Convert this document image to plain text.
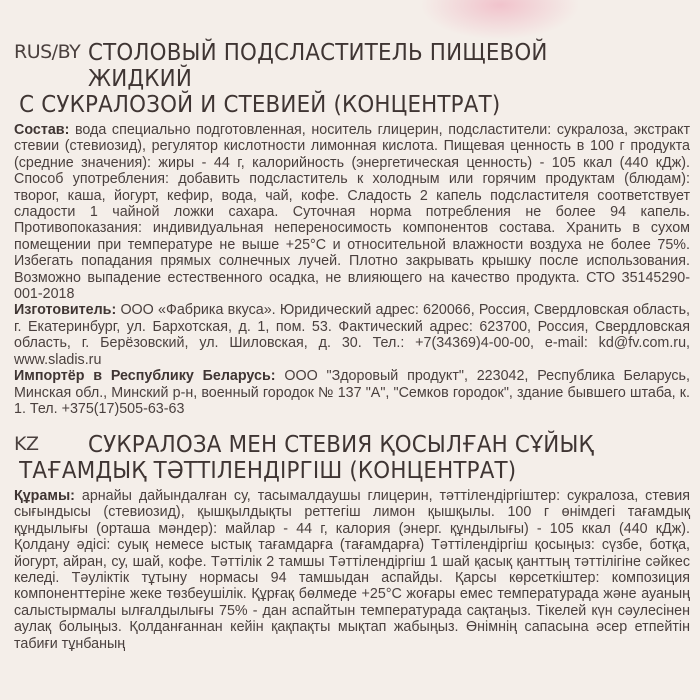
RUS/BY СТОЛОВЫЙ ПОДСЛАСТИТЕЛЬ ПИЩЕВОЙ ЖИДКИЙ
С СУКРАЛОЗОЙ И СТЕВИЕЙ (КОНЦЕНТРАТ)

Состав: вода специально подготовленная, носитель глицерин, подсластители: сукралоза, экстракт стевии (стевиозид), регулятор кислотности лимонная кислота. Пищевая ценность в 100 г продукта (средние значения): жиры - 44 г, калорийность (энергетическая ценность) - 105 ккал (440 кДж). Способ употребления: добавить подсластитель к холодным или горячим продуктам (блюдам): творог, каша, йогурт, кефир, вода, чай, кофе. Сладость 2 капель подсластителя соответствует сладости 1 чайной ложки сахара. Суточная норма потребления не более 94 капель. Противопоказания: индивидуальная непереносимость компонентов состава. Хранить в сухом помещении при температуре не выше +25°С и относительной влажности воздуха не более 75%. Избегать попадания прямых солнечных лучей. Плотно закрывать крышку после использования. Возможно выпадение естественного осадка, не влияющего на качество продукта. СТО 35145290-001-2018

Изготовитель: ООО «Фабрика вкуса». Юридический адрес: 620066, Россия, Свердловская область, г. Екатеринбург, ул. Бархотская, д. 1, пом. 53. Фактический адрес: 623700, Россия, Свердловская область, г. Берёзовский, ул. Шиловская, д. 30. Тел.: +7(34369)4-00-00, e-mail: kd@fv.com.ru, www.sladis.ru

Импортёр в Республику Беларусь: ООО "Здоровый продукт", 223042, Республика Беларусь, Минская обл., Минский р-н, военный городок № 137 "А", "Семков городок", здание бывшего штаба, к. 1. Тел. +375(17)505-63-63

KZ	СУКРАЛОЗА МЕН СТЕВИЯ ҚОСЫЛҒАН СҰЙЫҚ
ТАҒАМДЫҚ ТӘТТІЛЕНДІРГІШ (КОНЦЕНТРАТ)

Құрамы: арнайы дайындалған су, тасымалдаушы глицерин, тәттілендіргіштер: сукралоза, стевия сығындысы (стевиозид), қышқылдықты реттегіш лимон қышқылы. 100 г өнімдегі тағамдық құндылығы (орташа мәндер): майлар - 44 г, калория (энерг. құндылығы) - 105 ккал (440 кДж). Қолдану әдісі: суық немесе ыстық тағамдарға (тағамдарға) Тәттілендіргіш қосыңыз: сүзбе, ботқа, йогурт, айран, су, шай, кофе. Тәттілік 2 тамшы Тәттілендіргіш 1 шай қасық қанттың тәттілігіне сәйкес келеді. Тәуліктік тұтыну нормасы 94 тамшыдан аспайды. Қарсы көрсеткіштер: композиция компоненттеріне жеке төзбеушілік. Құрғақ бөлмеде +25°С жоғары емес температурада және ауаның салыстырмалы ылғалдылығы 75% - дан аспайтын температурада сақтаңыз. Тікелей күн сәулесінен аулақ болыңыз. Қолданғаннан кейін қақпақты мықтап жабыңыз. Өнімнің сапасына әсер етпейтін табиғи тұнбаның
